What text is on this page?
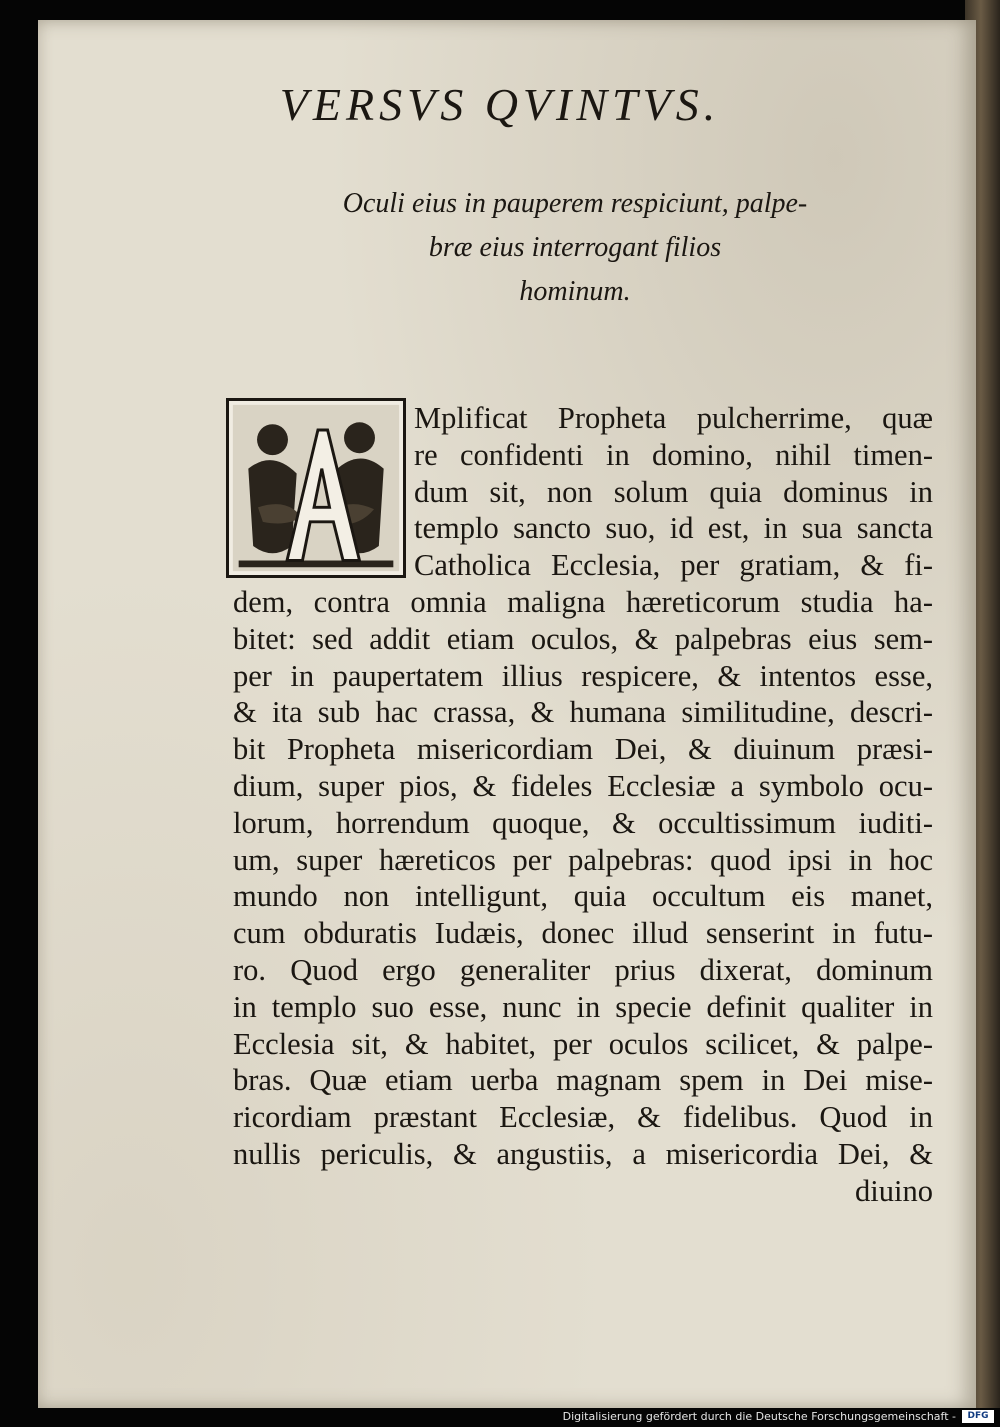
VERSVS QVINTVS.
Oculi eius in pauperem respiciunt, palpe-
bræ eius interrogant filios
hominum.
Mplificat Propheta pulcherrime, quæ
re confidenti in domino, nihil timen-
dum sit, non solum quia dominus in
templo sancto suo, id est, in sua sancta
Catholica Ecclesia, per gratiam, & fi-
dem, contra omnia maligna hæreticorum studia ha-
bitet: sed addit etiam oculos, & palpebras eius sem-
per in paupertatem illius respicere, & intentos esse,
& ita sub hac crassa, & humana similitudine, descri-
bit Propheta misericordiam Dei, & diuinum præsi-
dium, super pios, & fideles Ecclesiæ a symbolo ocu-
lorum, horrendum quoque, & occultissimum iuditi-
um, super hæreticos per palpebras: quod ipsi in hoc
mundo non intelligunt, quia occultum eis manet,
cum obduratis Iudæis, donec illud senserint in futu-
ro. Quod ergo generaliter prius dixerat, dominum
in templo suo esse, nunc in specie definit qualiter in
Ecclesia sit, & habitet, per oculos scilicet, & palpe-
bras. Quæ etiam uerba magnam spem in Dei mise-
ricordiam præstant Ecclesiæ, & fidelibus. Quod in
nullis periculis, & angustiis, a misericordia Dei, &
diuino
Digitalisierung gefördert durch die Deutsche Forschungsgemeinschaft -	DFG
